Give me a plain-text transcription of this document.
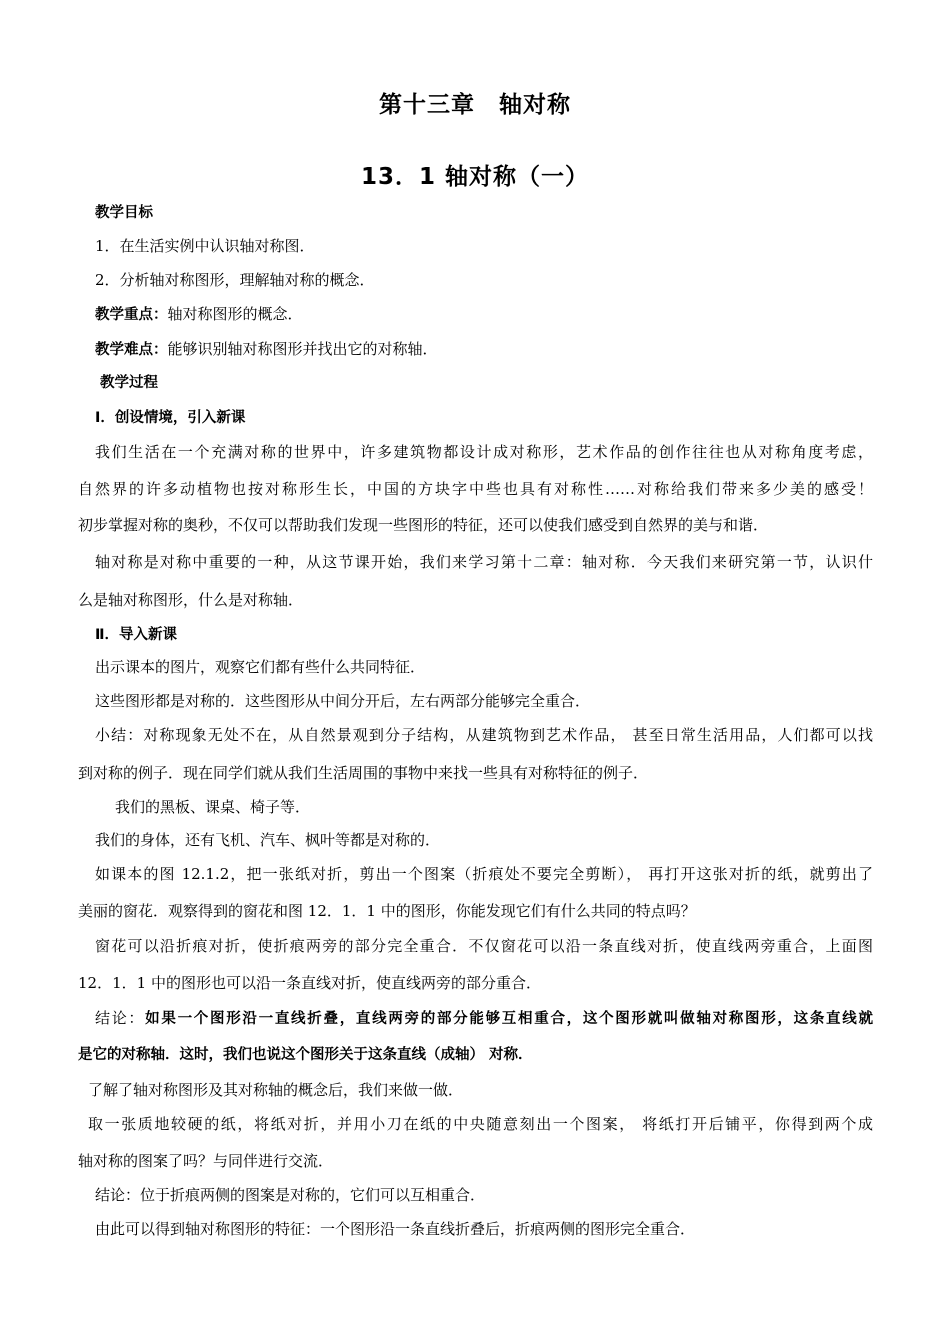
第十三章　轴对称
13．1 轴对称（一）
教学目标
1．在生活实例中认识轴对称图．
2．分析轴对称图形，理解轴对称的概念．
教学重点：轴对称图形的概念．
教学难点：能够识别轴对称图形并找出它的对称轴．
教学过程
Ⅰ．创设情境，引入新课
我们生活在一个充满对称的世界中，许多建筑物都设计成对称形，艺术作品的创作往往也从对称角度考虑，
自然界的许多动植物也按对称形生长，中国的方块字中些也具有对称性……对称给我们带来多少美的感受！
初步掌握对称的奥秒，不仅可以帮助我们发现一些图形的特征，还可以使我们感受到自然界的美与和谐．
轴对称是对称中重要的一种，从这节课开始，我们来学习第十二章：轴对称．今天我们来研究第一节，认识什
么是轴对称图形，什么是对称轴．
Ⅱ．导入新课
出示课本的图片，观察它们都有些什么共同特征．
这些图形都是对称的．这些图形从中间分开后，左右两部分能够完全重合．
小结：对称现象无处不在，从自然景观到分子结构，从建筑物到艺术作品， 甚至日常生活用品，人们都可以找
到对称的例子．现在同学们就从我们生活周围的事物中来找一些具有对称特征的例子．
我们的黑板、课桌、椅子等．
我们的身体，还有飞机、汽车、枫叶等都是对称的．
如课本的图 12.1.2，把一张纸对折，剪出一个图案（折痕处不要完全剪断）， 再打开这张对折的纸，就剪出了
美丽的窗花．观察得到的窗花和图 12．1．1 中的图形，你能发现它们有什么共同的特点吗？
窗花可以沿折痕对折，使折痕两旁的部分完全重合．不仅窗花可以沿一条直线对折，使直线两旁重合，上面图
12．1．1 中的图形也可以沿一条直线对折，使直线两旁的部分重合．
结论：如果一个图形沿一直线折叠，直线两旁的部分能够互相重合，这个图形就叫做轴对称图形，这条直线就
是它的对称轴．这时，我们也说这个图形关于这条直线（成轴） 对称．
了解了轴对称图形及其对称轴的概念后，我们来做一做．
取一张质地较硬的纸，将纸对折，并用小刀在纸的中央随意刻出一个图案， 将纸打开后铺平，你得到两个成
轴对称的图案了吗？与同伴进行交流．
结论：位于折痕两侧的图案是对称的，它们可以互相重合．
由此可以得到轴对称图形的特征：一个图形沿一条直线折叠后，折痕两侧的图形完全重合．
